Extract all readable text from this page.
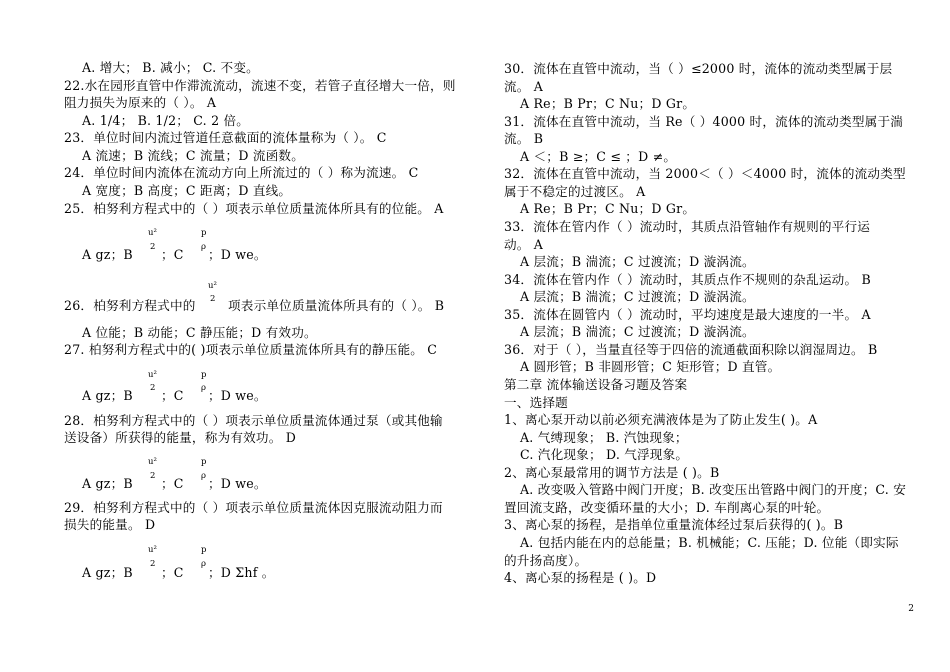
A. 增大； B. 减小； C. 不变。
22.水在园形直管中作滞流流动，流速不变，若管子直径增大一倍，则
阻力损失为原来的（ ）。 A
A. 1/4； B. 1/2； C. 2 倍。
23．单位时间内流过管道任意截面的流体量称为（ ）。 C
A 流速；B 流线；C 流量；D 流函数。
24．单位时间内流体在流动方向上所流过的（ ）称为流速。 C
A 宽度；B 高度；C 距离；D 直线。
25．柏努利方程式中的（ ）项表示单位质量流体所具有的位能。 A
A gz；B
u²
2 ；C
p
ρ ；D we。
26．柏努利方程式中的
u²
2 项表示单位质量流体所具有的（ ）。 B
A 位能；B 动能；C 静压能；D 有效功。
27. 柏努利方程式中的( )项表示单位质量流体所具有的静压能。 C
A gz；B
u²
2 ；C
p
ρ ；D we。
28．柏努利方程式中的（ ）项表示单位质量流体通过泵（或其他输
送设备）所获得的能量，称为有效功。 D
A gz；B
u²
2 ；C
p
ρ ；D we。
29．柏努利方程式中的（ ）项表示单位质量流体因克服流动阻力而
损失的能量。 D
A gz；B
u²
2
；C
p
ρ
；D Σhf 。
30．流体在直管中流动，当（ ）≤2000 时，流体的流动类型属于层
流。 A
A Re；B Pr；C Nu；D Gr。
31．流体在直管中流动，当 Re（ ）4000 时，流体的流动类型属于湍
流。 B
A ＜；B ≥；C ≤ ；D ≠。
32．流体在直管中流动，当 2000＜（ ）＜4000 时，流体的流动类型
属于不稳定的过渡区。 A
A Re；B Pr；C Nu；D Gr。
33．流体在管内作（ ）流动时，其质点沿管轴作有规则的平行运
动。 A
A 层流；B 湍流；C 过渡流；D 漩涡流。
34．流体在管内作（ ）流动时，其质点作不规则的杂乱运动。 B
A 层流；B 湍流；C 过渡流；D 漩涡流。
35．流体在圆管内（ ）流动时，平均速度是最大速度的一半。 A
A 层流；B 湍流；C 过渡流；D 漩涡流。
36．对于（ ），当量直径等于四倍的流通截面积除以润湿周边。 B
A 圆形管；B 非圆形管；C 矩形管；D 直管。
第二章 流体输送设备习题及答案
一、选择题
1、离心泵开动以前必须充满液体是为了防止发生( )。A
A. 气缚现象； B. 汽蚀现象；
C. 汽化现象； D. 气浮现象。
2、离心泵最常用的调节方法是 ( )。B
A. 改变吸入管路中阀门开度；B. 改变压出管路中阀门的开度；C. 安
置回流支路，改变循环量的大小；D. 车削离心泵的叶轮。
3、离心泵的扬程，是指单位重量流体经过泵后获得的( )。B
A. 包括内能在内的总能量；B. 机械能；C. 压能；D. 位能（即实际
的升扬高度）。
4、离心泵的扬程是 ( )。D
2
